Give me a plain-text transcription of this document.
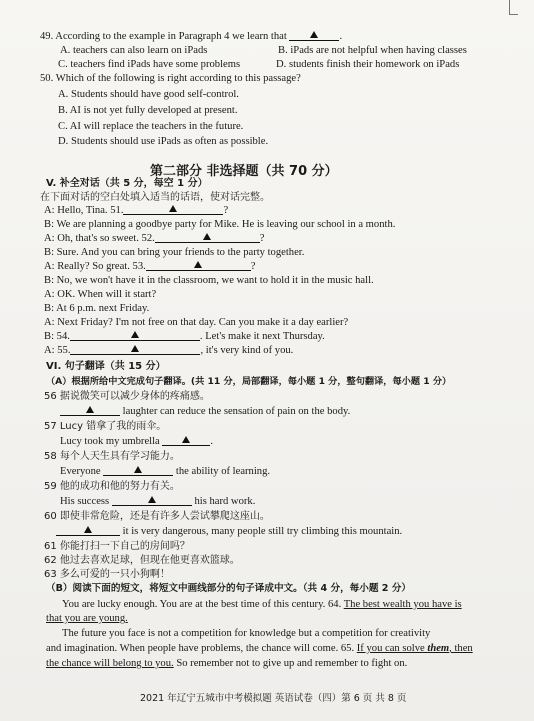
49. According to the example in Paragraph 4 we learn that	.
A. teachers can also learn on iPads	B. iPads are not helpful when having classes
C. teachers find iPads have some problems	D. students finish their homework on iPads
50. Which of the following is right according to this passage?
A. Students should have good self-control.
B. AI is not yet fully developed at present.
C. AI will replace the teachers in the future.
D. Students should use iPads as often as possible.
第二部分 非选择题（共 70 分）
V. 补全对话（共 5 分，每空 1 分）
在下面对话的空白处填入适当的话语，使对话完整。
A: Hello, Tina. 51.	?
B: We are planning a goodbye party for Mike. He is leaving our school in a month.
A: Oh, that's so sweet. 52.	?
B: Sure. And you can bring your friends to the party together.
A: Really? So great. 53.	?
B: No, we won't have it in the classroom, we want to hold it in the music hall.
A: OK. When will it start?
B: At 6 p.m. next Friday.
A: Next Friday? I'm not free on that day. Can you make it a day earlier?
B: 54.	. Let's make it next Thursday.
A: 55.	, it's very kind of you.
VI. 句子翻译（共 15 分）
（A）根据所给中文完成句子翻译。(共 11 分，局部翻译，每小题 1 分，整句翻译，每小题 1 分）
56 据说微笑可以减少身体的疼痛感。
laughter can reduce the sensation of pain on the body.
57 Lucy 错拿了我的雨伞。
Lucy took my umbrella	.
58 每个人天生具有学习能力。
Everyone	the ability of learning.
59 他的成功和他的努力有关。
His success	his hard work.
60 即使非常危险，还是有许多人尝试攀爬这座山。
it is very dangerous, many people still try climbing this mountain.
61 你能打扫一下自己的房间吗？
62 他过去喜欢足球，但现在他更喜欢篮球。
63 多么可爱的一只小狗啊！
（B）阅读下面的短文，将短文中画线部分的句子译成中文。（共 4 分，每小题 2 分）
You are lucky enough. You are at the best time of this century. 64. The best wealth you have is
that you are young.
The future you face is not a competition for knowledge but a competition for creativity
and imagination. When people have problems, the chance will come. 65. If you can solve them, then
the chance will belong to you. So remember not to give up and remember to fight on.
2021 年辽宁五城市中考模拟题 英语试卷（四）第 6 页 共 8 页
